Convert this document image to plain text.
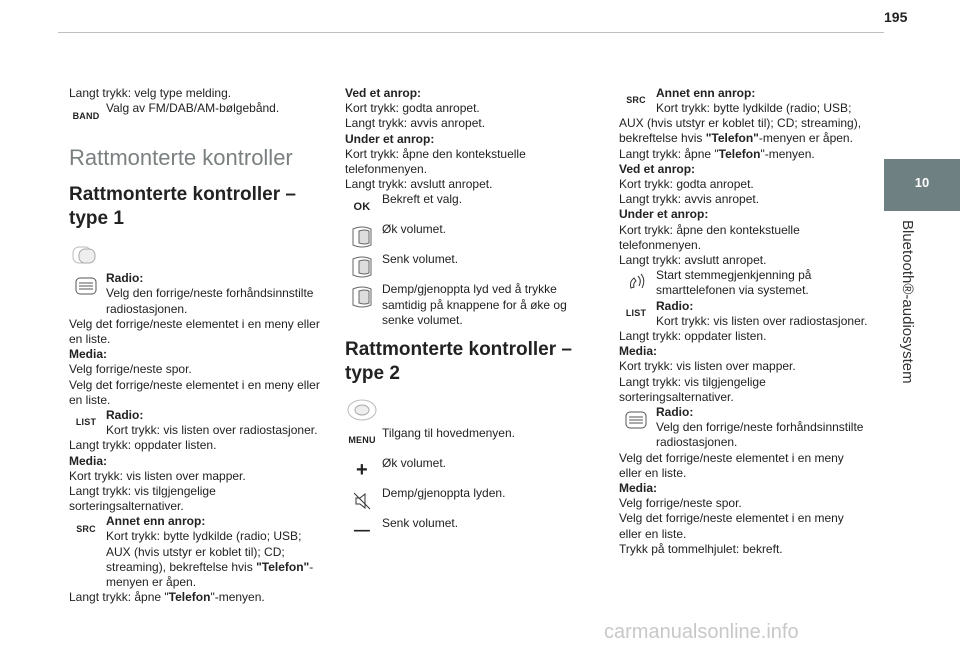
195
10
Bluetooth®-audiosystem

Langt trykk: velg type melding.

BAND

Valg av FM/DAB/AM-bølgebånd.

Rattmonterte kontroller

Rattmonterte kontroller – type 1

Radio:

Velg den forrige/neste forhåndsinnstilte radiostasjonen.

Velg det forrige/neste elementet i en meny eller en liste.

Media:

Velg forrige/neste spor.

Velg det forrige/neste elementet i en meny eller en liste.

LIST

Radio:

Kort trykk: vis listen over radiostasjoner.

Langt trykk: oppdater listen.

Media:

Kort trykk: vis listen over mapper.

Langt trykk: vis tilgjengelige sorteringsalternativer.

SRC

Annet enn anrop:

Kort trykk: bytte lydkilde (radio; USB; AUX (hvis utstyr er koblet til); CD; streaming), bekreftelse hvis "Telefon"-menyen er åpen.

Langt trykk: åpne "Telefon"-menyen.

Ved et anrop:

Kort trykk: godta anropet.

Langt trykk: avvis anropet.

Under et anrop:

Kort trykk: åpne den kontekstuelle telefonmenyen.

Langt trykk: avslutt anropet.

OK

Bekreft et valg.

Øk volumet.

Senk volumet.

Demp/gjenoppta lyd ved å trykke samtidig på knappene for å øke og senke volumet.

Rattmonterte kontroller – type 2

MENU

Tilgang til hovedmenyen.

+	Øk volumet.

Demp/gjenoppta lyden.

— Senk volumet.

SRC

Annet enn anrop:

Kort trykk: bytte lydkilde (radio; USB; AUX (hvis utstyr er koblet til); CD; streaming), bekreftelse hvis "Telefon"-menyen er åpen.

Langt trykk: åpne "Telefon"-menyen.

Ved et anrop:

Kort trykk: godta anropet.

Langt trykk: avvis anropet.

Under et anrop:

Kort trykk: åpne den kontekstuelle telefonmenyen.

Langt trykk: avslutt anropet.

Start stemmegjenkjenning på smarttelefonen via systemet.

LIST

Radio:

Kort trykk: vis listen over radiostasjoner.

Langt trykk: oppdater listen.

Media:

Kort trykk: vis listen over mapper.

Langt trykk: vis tilgjengelige sorteringsalternativer.

Radio:

Velg den forrige/neste forhåndsinnstilte radiostasjonen.

Velg det forrige/neste elementet i en meny eller en liste.

Media:

Velg forrige/neste spor.

Velg det forrige/neste elementet i en meny eller en liste.

Trykk på tommelhjulet: bekreft.

carmanualsonline.info
